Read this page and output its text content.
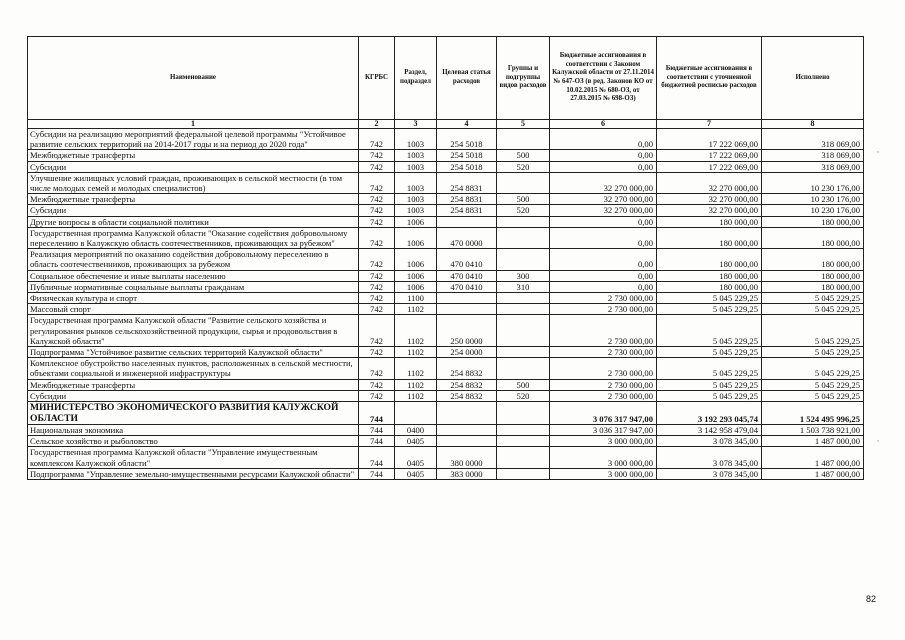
Наименование	КГРБС	Раздел, подраздел	Целевая статья расходов	Группы и подгруппы видов расходов	Бюджетные ассигнования в соответствии с Законом Калужской области от 27.11.2014 № 647-ОЗ (в ред. Законов КО от 10.02.2015 № 680-ОЗ, от 27.03.2015 № 698-ОЗ)	Бюджетные ассигнования в соответствии с уточненной бюджетной росписью расходов	Исполнено
1	2	3	4	5	6	7	8
Субсидии на реализацию мероприятий федеральной целевой программы "Устойчивое развитие сельских территорий на 2014-2017 годы и на период до 2020 года"	742	1003	254 5018		0,00	17 222 069,00	318 069,00
Межбюджетные трансферты	742	1003	254 5018	500	0,00	17 222 069,00	318 069,00
Субсидии	742	1003	254 5018	520	0,00	17 222 069,00	318 069,00
Улучшение жилищных условий граждан, проживающих в сельской местности (в том числе молодых семей и молодых специалистов)	742	1003	254 8831		32 270 000,00	32 270 000,00	10 230 176,00
Межбюджетные трансферты	742	1003	254 8831	500	32 270 000,00	32 270 000,00	10 230 176,00
Субсидии	742	1003	254 8831	520	32 270 000,00	32 270 000,00	10 230 176,00
Другие вопросы в области социальной политики	742	1006			0,00	180 000,00	180 000,00
Государственная программа Калужской области "Оказание содействия добровольному переселению в Калужскую область соотечественников, проживающих за рубежом"	742	1006	470 0000		0,00	180 000,00	180 000,00
Реализация мероприятий по оказанию содействия добровольному переселению в область соотечественников, проживающих за рубежом	742	1006	470 0410		0,00	180 000,00	180 000,00
Социальное обеспечение и иные выплаты населению	742	1006	470 0410	300	0,00	180 000,00	180 000,00
Публичные нормативные социальные выплаты гражданам	742	1006	470 0410	310	0,00	180 000,00	180 000,00
Физическая культура и спорт	742	1100			2 730 000,00	5 045 229,25	5 045 229,25
Массовый спорт	742	1102			2 730 000,00	5 045 229,25	5 045 229,25
Государственная программа Калужской области "Развитие сельского хозяйства и регулирования рынков сельскохозяйственной продукции, сырья и продовольствия в Калужской области"	742	1102	250 0000		2 730 000,00	5 045 229,25	5 045 229,25
Подпрограмма "Устойчивое развитие сельских территорий Калужской области"	742	1102	254 0000		2 730 000,00	5 045 229,25	5 045 229,25
Комплексное обустройство населенных пунктов, расположенных в сельской местности, объектами социальной и инженерной инфраструктуры	742	1102	254 8832		2 730 000,00	5 045 229,25	5 045 229,25
Межбюджетные трансферты	742	1102	254 8832	500	2 730 000,00	5 045 229,25	5 045 229,25
Субсидии	742	1102	254 8832	520	2 730 000,00	5 045 229,25	5 045 229,25
МИНИСТЕРСТВО ЭКОНОМИЧЕСКОГО РАЗВИТИЯ КАЛУЖСКОЙ ОБЛАСТИ	744				3 076 317 947,00	3 192 293 045,74	1 524 495 996,25
Национальная экономика	744	0400			3 036 317 947,00	3 142 958 479,04	1 503 738 921,00
Сельское хозяйство и рыболовство	744	0405			3 000 000,00	3 078 345,00	1 487 000,00
Государственная программа Калужской области "Управление имущественным комплексом Калужской области"	744	0405	380 0000		3 000 000,00	3 078 345,00	1 487 000,00
Подпрограмма "Управление земельно-имущественными ресурсами Калужской области"	744	0405	383 0000		3 000 000,00	3 078 345,00	1 487 000,00
82
,
,
